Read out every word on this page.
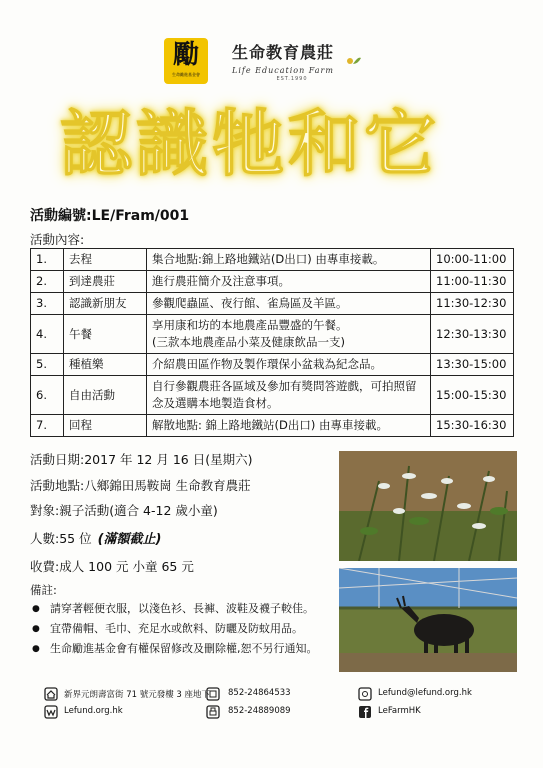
勵
生命勵進基金會
生命教育農莊
Life Education Farm
EST.1990
認識牠和它
活動編號:LE/Fram/001
活動內容:
1.	去程	集合地點:錦上路地鐵站(D出口) 由專車接載。	10:00-11:00
2.	到達農莊	進行農莊簡介及注意事項。	11:00-11:30
3.	認識新朋友	參觀爬蟲區、夜行館、雀鳥區及羊區。	11:30-12:30
4.	午餐	享用康和坊的本地農產品豐盛的午餐。
(三款本地農產品小菜及健康飲品一支)	12:30-13:30
5.	種植樂	介紹農田區作物及製作環保小盆栽為紀念品。	13:30-15:00
6.	自由活動	自行參觀農莊各區域及參加有獎問答遊戲，可拍照留念及選購本地製造食材。	15:00-15:30
7.	回程	解散地點: 錦上路地鐵站(D出口) 由專車接載。	15:30-16:30
活動日期:2017 年 12 月 16 日(星期六)
活動地點:八鄉錦田馬鞍崗 生命教育農莊
對象:親子活動(適合 4-12 歲小童)
人數:55 位 (滿額截止)
收費:成人 100 元 小童 65 元
備註:
● 請穿著輕便衣服，以淺色衫、長褲、波鞋及襪子較佳。
● 宜帶備帽、毛巾、充足水或飲料、防曬及防蚊用品。
● 生命勵進基金會有權保留修改及刪除權,恕不另行通知。
新界元朗壽富街 71 號元發樓 3 座地下
Lefund.org.hk
852-24864533
852-24889089
Lefund@lefund.org.hk
LeFarmHK
